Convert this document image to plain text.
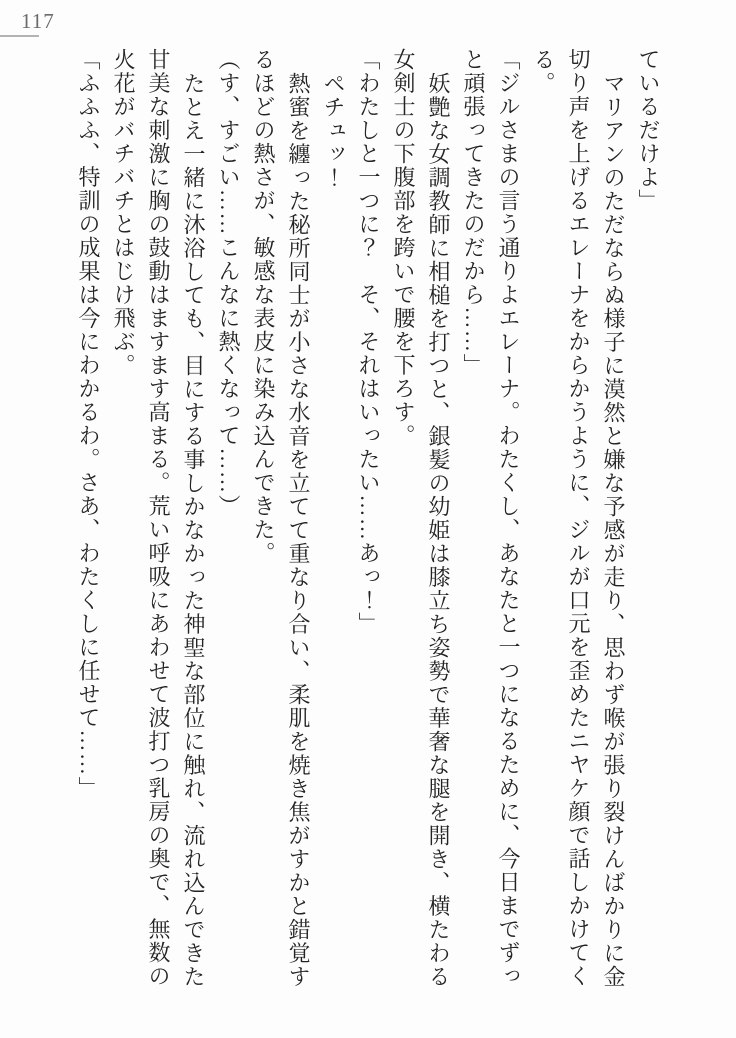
117

ているだけよ」

マリアンのただならぬ様子に漠然と嫌な予感が走り、思わず喉が張り裂けんばかりに金

切り声を上げるエレーナをからかうように、ジルが口元を歪めたニヤケ顔で話しかけてく

る。

「ジルさまの言う通りよエレーナ。わたくし、あなたと一つになるために、今日までずっ

と頑張ってきたのだから……」

妖艶な女調教師に相槌を打つと、銀髪の幼姫は膝立ち姿勢で華奢な腿を開き、横たわる

女剣士の下腹部を跨いで腰を下ろす。

「わたしと一つに？　そ、それはいったい……あっ！」

ペチュッ！

熱蜜を纏った秘所同士が小さな水音を立てて重なり合い、柔肌を焼き焦がすかと錯覚す

るほどの熱さが、敏感な表皮に染み込んできた。

（す、すごい……こんなに熱くなって……）

たとえ一緒に沐浴しても、目にする事しかなかった神聖な部位に触れ、流れ込んできた

甘美な刺激に胸の鼓動はますます高まる。荒い呼吸にあわせて波打つ乳房の奥で、無数の

火花がバチバチとはじけ飛ぶ。

「ふふふ、特訓の成果は今にわかるわ。さあ、わたくしに任せて……」
